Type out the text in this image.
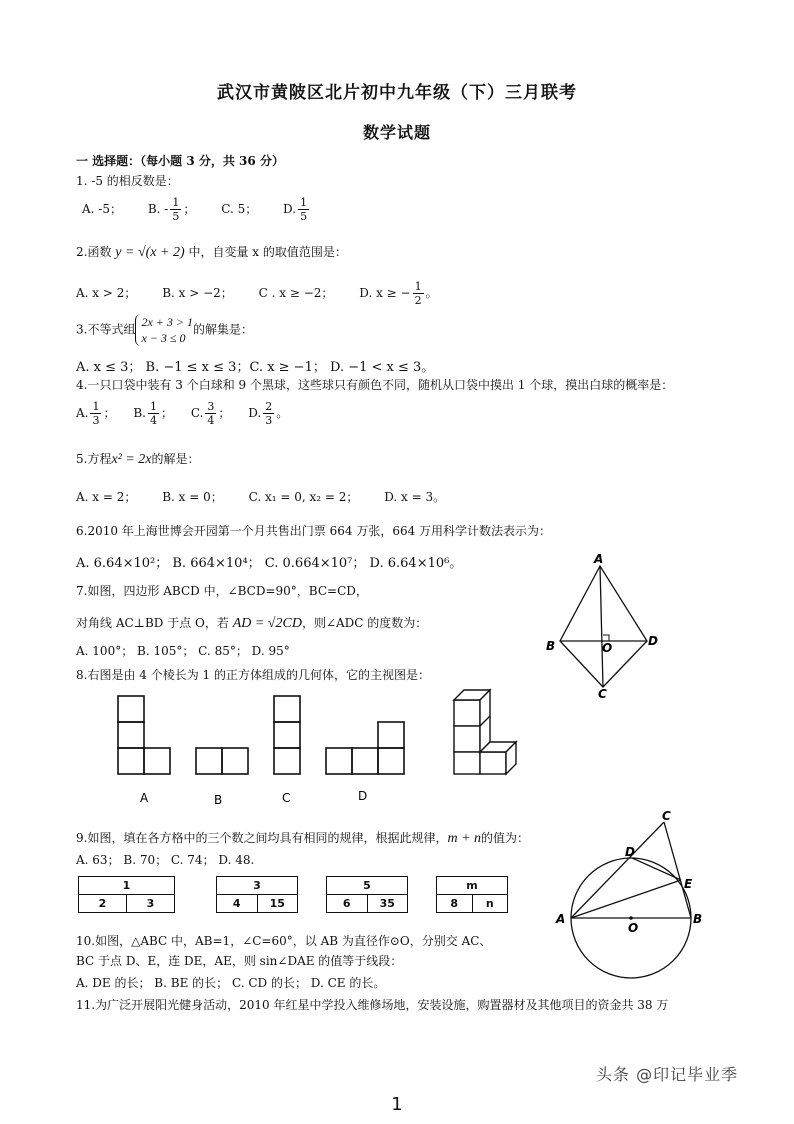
武汉市黄陂区北片初中九年级（下）三月联考
数学试题
一 选择题：（每小题 3 分，共 36 分）
1. -5 的相反数是：
A. -5； B. - $\frac{1}{5}$ ； C. 5； D. $\frac{1}{5}$
2.函数 y = √(x + 2) 中，自变量 x 的取值范围是：
A. x > 2； B. x > −2； C . x ≥ −2； D. x ≥ − $\frac{1}{2}$ 。
3.不等式组
2x + 3 > 1
x − 3 ≤ 0
的解集是：
A. x ≤ 3； B. −1 ≤ x ≤ 3；C. x ≥ −1； D. −1 < x ≤ 3。
4.一只口袋中装有 3 个白球和 9 个黑球，这些球只有颜色不同，随机从口袋中摸出 1 个球，摸出白球的概率是：
A. $\frac{1}{3}$ ； B. $\frac{1}{4}$ ； C. $\frac{3}{4}$ ； D. $\frac{2}{3}$ 。
5.方程x² = 2x的解是：
A. x = 2； B. x = 0； C. x₁ = 0, x₂ = 2； D. x = 3。
6.2010 年上海世博会开园第一个月共售出门票 664 万张，664 万用科学计数法表示为：
A. 6.64×10²； B. 664×10⁴； C. 0.664×10⁷； D. 6.64×10⁶。
7.如图，四边形 ABCD 中，∠BCD=90°，BC=CD，
对角线 AC⊥BD 于点 O，若 AD = √2CD，则∠ADC 的度数为：
A. 100°； B. 105°； C. 85°； D. 95°
A
B
C
D
O
8.右图是由 4 个棱长为 1 的正方体组成的几何体，它的主视图是：
A	B	C	D
9.如图，填在各方格中的三个数之间均具有相同的规律，根据此规律，m + n的值为：
A. 63； B. 70； C. 74； D. 48.
1
2	3
3
4	15
5
6	35
m
8	n
10.如图，△ABC 中，AB=1，∠C=60°，以 AB 为直径作⊙O，分别交 AC、
BC 于点 D、E，连 DE，AE，则 sin∠DAE 的值等于线段：
A. DE 的长； B. BE 的长； C. CD 的长； D. CE 的长。
A	B
C
D
E
O
11.为广泛开展阳光健身活动，2010 年红星中学投入维修场地，安装设施，购置器材及其他项目的资金共 38 万
头条 @印记毕业季
1
